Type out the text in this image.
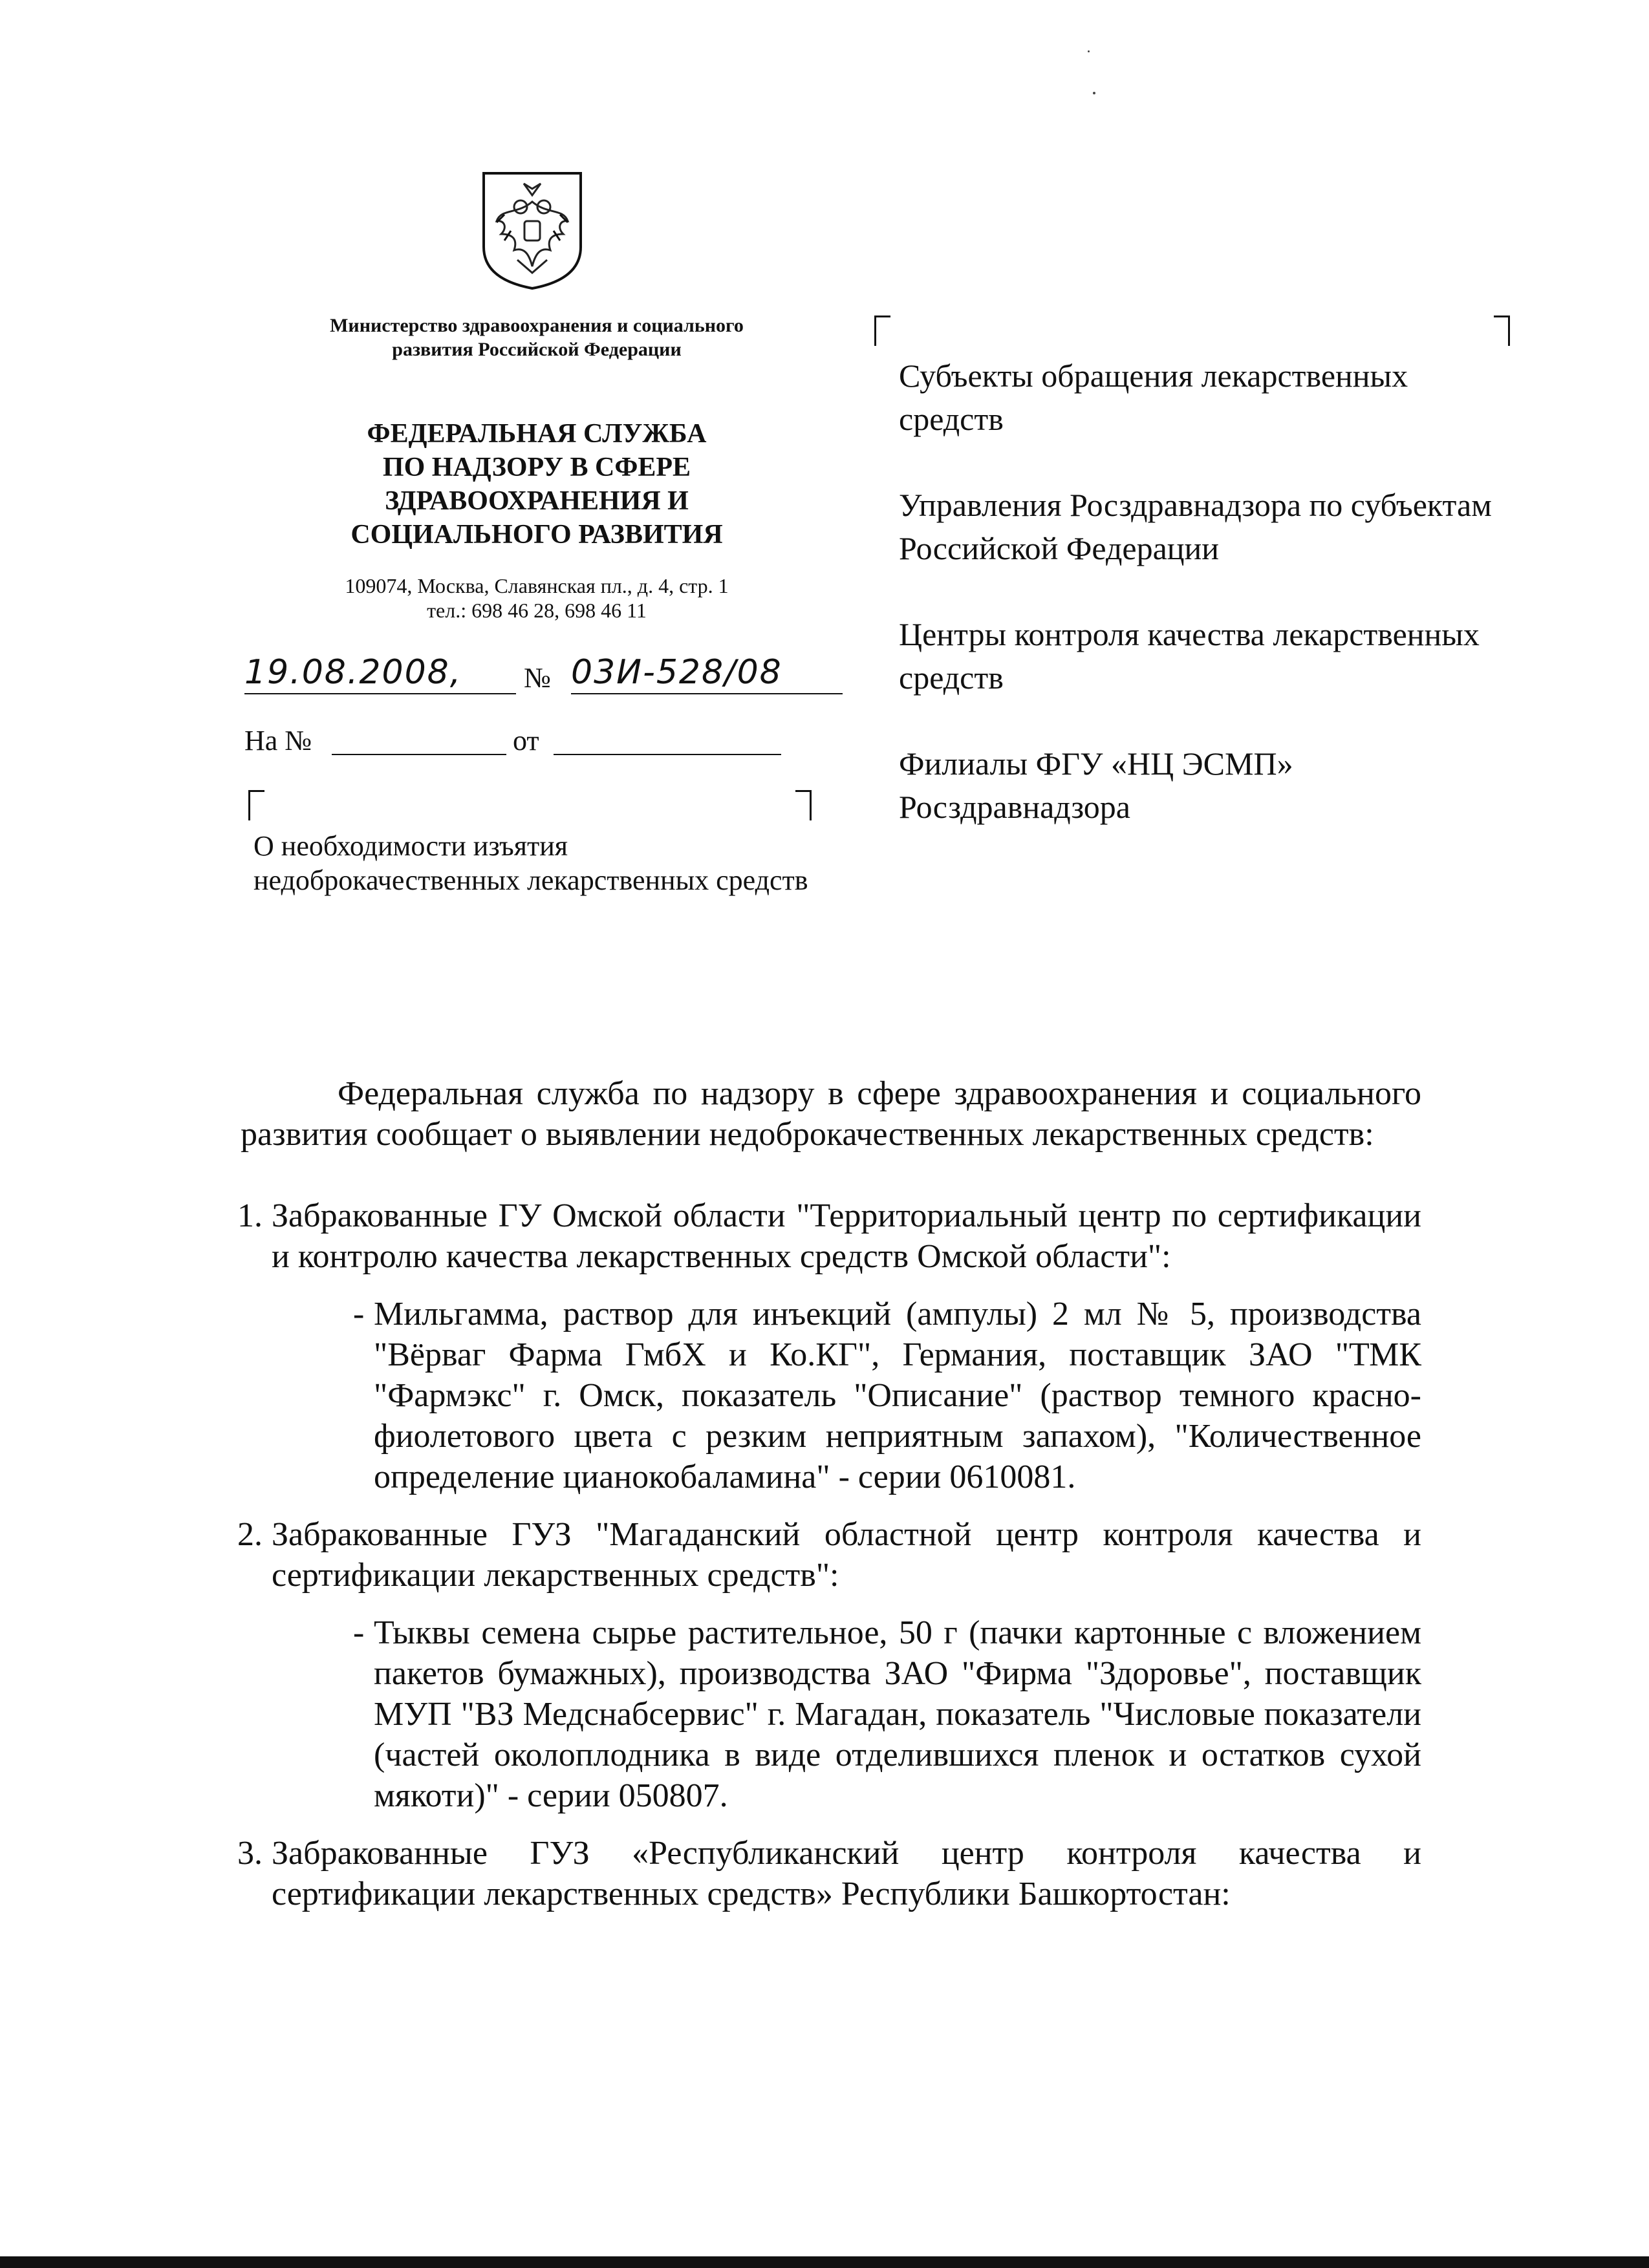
Министерство здравоохранения и социального развития Российской Федерации
ФЕДЕРАЛЬНАЯ СЛУЖБА
ПО НАДЗОРУ В СФЕРЕ
ЗДРАВООХРАНЕНИЯ И
СОЦИАЛЬНОГО РАЗВИТИЯ
109074, Москва, Славянская пл., д. 4, стр. 1
тел.: 698 46 28, 698 46 11
19.08.2008,	№ 03И-528/08
На №	от
О необходимости изъятия недоброкачественных лекарственных средств

Субъекты обращения лекарственных средств

Управления Росздравнадзора по субъектам Российской Федерации

Центры контроля качества лекарственных средств

Филиалы ФГУ «НЦ ЭСМП» Росздравнадзора

Федеральная служба по надзору в сфере здравоохранения и социального развития сообщает о выявлении недоброкачественных лекарственных средств:

1. Забракованные ГУ Омской области "Территориальный центр по сертификации и контролю качества лекарственных средств Омской области":
- Мильгамма, раствор для инъекций (ампулы) 2 мл № 5, производства "Вёрваг Фарма ГмбХ и Ко.КГ", Германия, поставщик ЗАО "ТМК "Фармэкс" г. Омск, показатель "Описание" (раствор темного красно-фиолетового цвета с резким неприятным запахом), "Количественное определение цианокобаламина" - серии 0610081.
2. Забракованные ГУЗ "Магаданский областной центр контроля качества и сертификации лекарственных средств":
- Тыквы семена сырье растительное, 50 г (пачки картонные с вложением пакетов бумажных), производства ЗАО "Фирма "Здоровье", поставщик МУП "ВЗ Медснабсервис" г. Магадан, показатель "Числовые показатели (частей околоплодника в виде отделившихся пленок и остатков сухой мякоти)" - серии 050807.
3. Забракованные ГУЗ «Республиканский центр контроля качества и сертификации лекарственных средств» Республики Башкортостан:
